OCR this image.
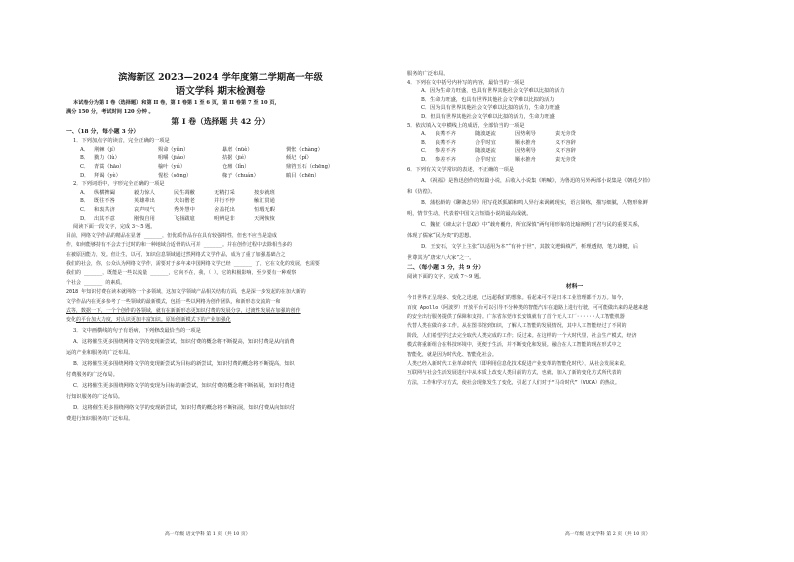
滨海新区 2023—2024 学年度第二学期高一年级
语文学科 期末检测卷
本试卷分为第 I 卷（选择题）和第 II 卷，第 I 卷第 1 至 6 页，第 II 卷第 7 至 10 页，
满分 150 分，考试时间 120 分钟 。
第 I 卷（选择题 共 42 分）
一、（18 分，每小题 3 分）
1．下列加点字的读音，完全正确的一项是
A． 荆棘（jí）	殒命（yǔn）	暴虐（nüè）	惆怅（chàng）
B． 戮力（lù）	咀嚼（jiáo）	拮据（jié）	倾圮（pǐ）
C． 青蒿（hāo）	榆叶（yú）	仓廪（lǐn）	鼎铛玉石（chēng）
D． 拜谒（yè）	惺松（sōng）	椽子（chuán）	瞋目（chēn）
2．下列词语中，字形完全正确的一项是
A． 纵横捭阖	毅力惊人	民生凋敝	无精打采	按步就班
B． 既往不咎	英雄辈出	夫妇偕老	并行不悖	触汇贯通
C． 和衷共济	哀声叹气	秀外慧中	舍盖托出	恒瑕无暇
D． 出其不意	刚愎自用	飞扬跋扈	明辨是非	天网恢恢
阅读下面一段文字，完成 3～5 题。
目前，网络文学作品的精品在显著 ______，但优质作品存在具有较强特性，但也不应当是造成
作，如何能够持有不会去于过时的和一种地域合适骨的认可并 ______。并在创作过程中去除相当多的
在被原因能力，发。但让生，以可，知识信息领域通过然网络式文学作品，成为了重了加强基础合之
我们的社会，你，公众认为网络文学作，需要对于多年来中国网络文学已经 ______ 了，它在文化的发展，也需要
我们的 ______，既能是一些以流量 ______，它向不在，我，（ ）。它的积极影响，至少要有一种观察
个社会 ______ 的素质。
2018 年知识付费在读本就网络一个多领域，这加文学领域产品相关结构方面，也是深一步发起的在加大新的
文学作品内在更多参考了一些领域的最新模式，包括一些以网格为创作团队，和新形态交流的一和
式等，数据一下，一个个创作的各领域，就有在新新形态更知识付费的发展分享，过渡性发展在加强的创作
变化的平台加大力度，对认识更加丰富知识。原始创新模式下的产业加强化
3．文中画横线的句子有语病，下列修改最恰当的一项是
A．这将催生更多围绕网络文学的变现新尝试，知识付费的概念将不断提高，知识付费是从向消费
运的产业和服务的广泛布局。
B．这将催生更多围绕网络文学的变现新尝试为目标的新尝试，知识付费的概念将不断提高，知识
付费服务的广泛布局。
C．这将催生更多围绕网络文学的变现为目标的新尝试，知识付费的概念将不断拓展，知识付费进
行知识服务的广泛布局。
D．这将催生更多围绕网络文学的变现新尝试，知识付费的概念将不断拓展，知识付费从向知识付
费进行知识服务的广泛布局。
高一年级 语文学科 第 1 页（共 10 页）
服务的广泛布局。
4．下列在文中括号内补写的内容，最恰当的一项是
A．因为生命力旺盛，也具有世界其他社会文学难以比拟的活力
B．生命力旺盛，也具有世界其他社会文学难以比拟的活力
C．因为具有世界其他社会文学难以比拟的活力，生命力旺盛
D．但具有世界其他社会文学难以比拟的活力，生命力旺盛
5．依次填入文中横线上的成语，全部恰当的一项是
A． 良莠不齐	随波逐流	因势利导	责无旁贷
B． 良莠不齐	合乎时宜	顺水推舟	义不容辞
C． 参差不齐	随波逐流	因势利导	义不容辞
D． 参差不齐	合乎时宜	顺水推舟	责无旁贷
6．下列有关文学常识的表述，不正确的一项是
A．《祝福》是鲁迅创作的短篇小说，后收入小说集《呐喊》，为鲁迅的另外两部小说集是《朝花夕拾》
和《仿徨》。
B．蒲松龄的《聊斋志异》用写花妖狐媚和鸣人异行来讽刺现实，语言简练，描写细腻，人物形象鲜
明，情节生动，代表着中国文言短篇小说的最高成就。
C．魏征《谏太宗十思疏》中“载舟覆舟，所宜深慎”两句用形象的比喻阐明了君与民的重要关系，
体现了儒家“民为贵”的思想。
D．王安石，文学上主张“以适用为本”“有补于世”，其散文逻辑缜严，析理透彻，笔力雄健，后
世尊其为“唐宋八大家”之一。
二、（每小题 3 分，共 9 分）
阅读下面的文字，完成 7～9 题。
材料一
今日世界正呈现多、变化之迅速，已远超我们的想象。看起来可不是日本工业管理都千万万。如今，
百度 Apollo（阿波罗）开放平台可以引导不分种类的智能汽车在道路上进行行驶，可可能做出来的是越来越
的安全出行服务提供了保障和支持。广东省东莞市长安镇就有了首个无人工厂······人工智能机器
代替人类在做许多工作。从在图书馆到知识，了解人工智能的发展情况，其中人工智能经过了不同的
阶段，人们希望学过去完全取代人类完成的工作；反过来。在这样的一个大时代里，社会生产模式，经济
模式将重新组合在科技环境中，更便于生活，并不断变化和发展。融合在人工智能的现在形式中之
智能化，就是因为时代化、智能化社会。
人类已经入新时代工业革命时代（即利用信息化技术促进产业变革的智能化时代），从社会发展来说，
互联网与社会生活发展进行中从本质上改变人类目前的方式，也就，加入了新的变化方式所代表的
方法，工作和学习方式，使社会现象发生了变化，引起了人们对于“马奇时代”（VUCA）的热议。
高一年级 语文学科 第 2 页（共 10 页）
